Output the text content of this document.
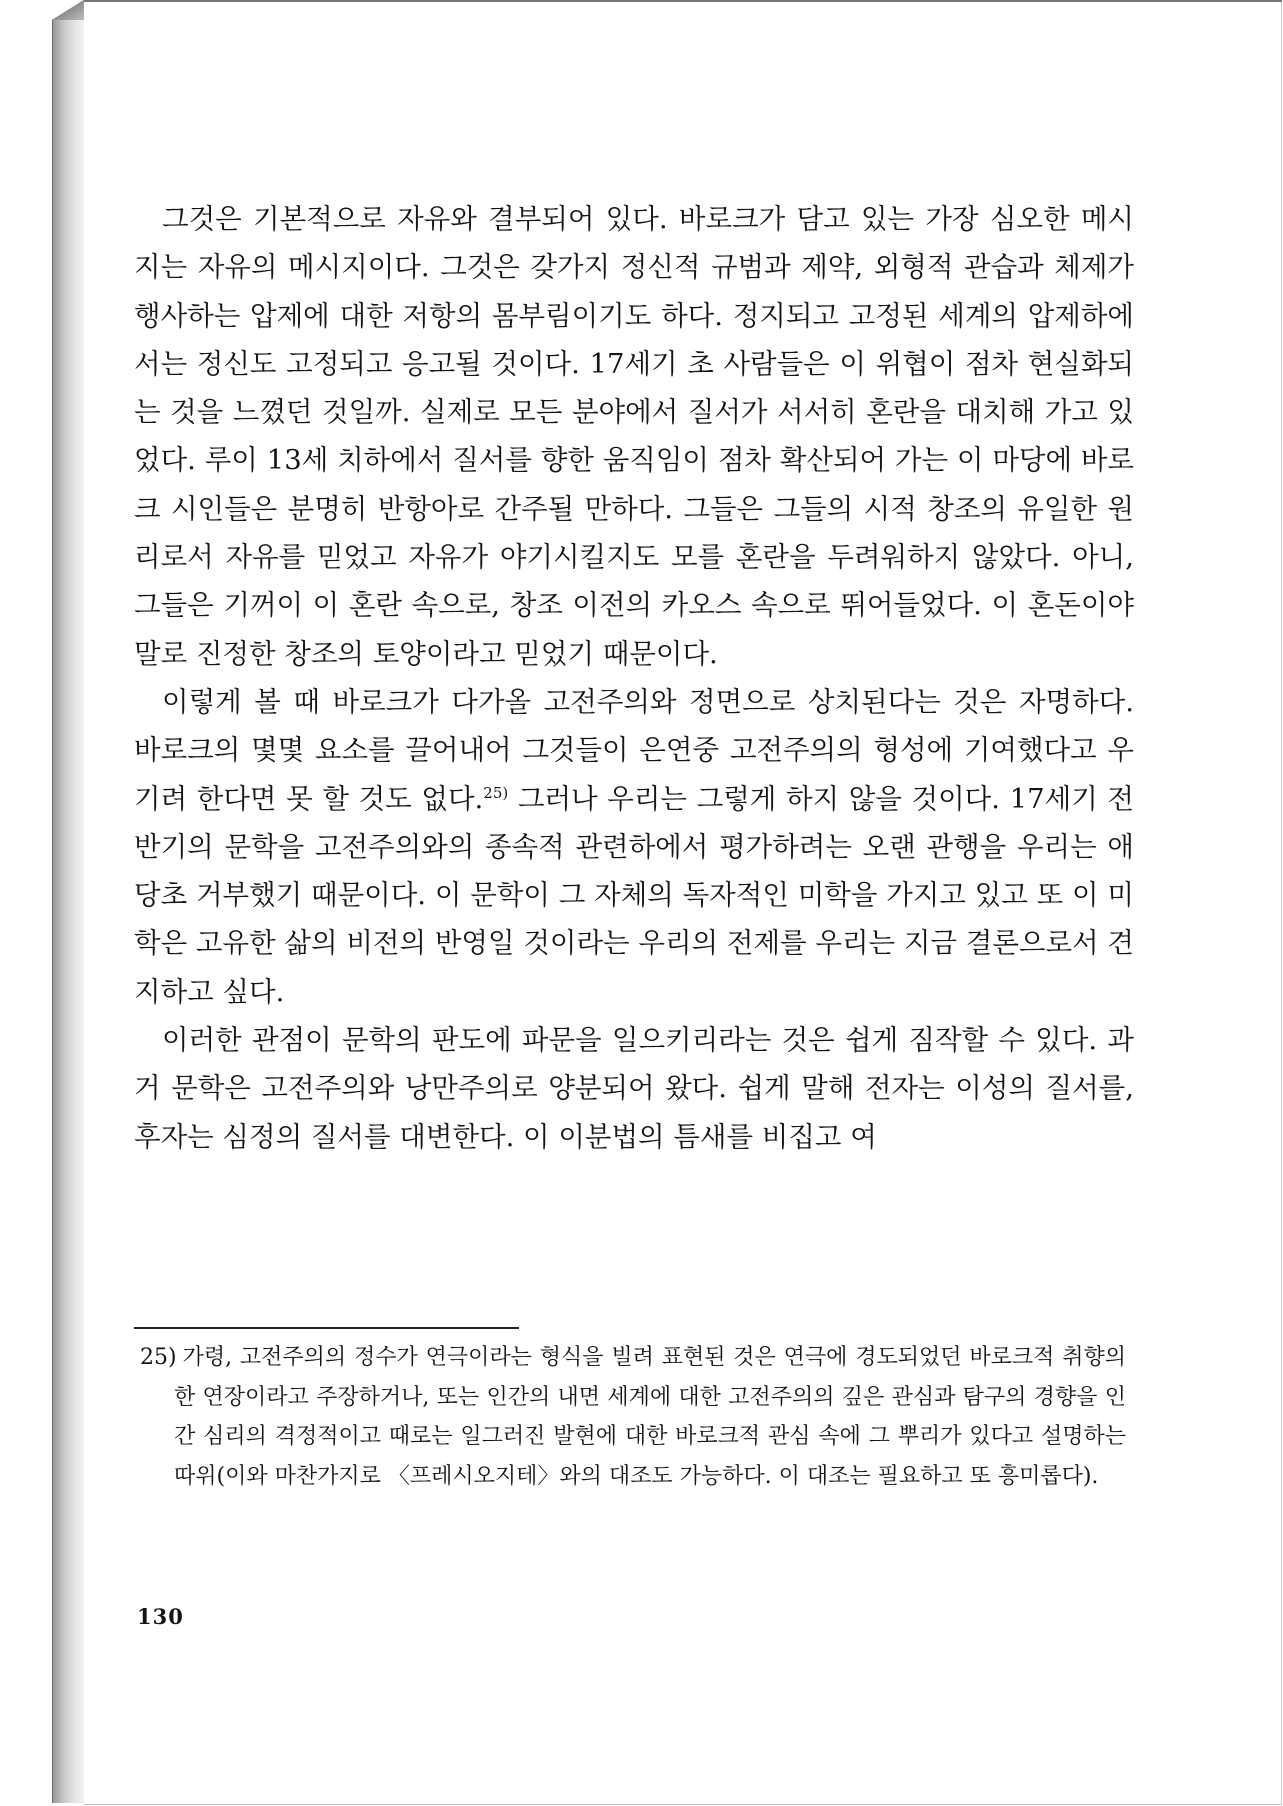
그것은 기본적으로 자유와 결부되어 있다. 바로크가 담고 있는 가장 심오한 메시지는 자유의 메시지이다. 그것은 갖가지 정신적 규범과 제약, 외형적 관습과 체제가 행사하는 압제에 대한 저항의 몸부림이기도 하다. 정지되고 고정된 세계의 압제하에서는 정신도 고정되고 응고될 것이다. 17세기 초 사람들은 이 위협이 점차 현실화되는 것을 느꼈던 것일까. 실제로 모든 분야에서 질서가 서서히 혼란을 대치해 가고 있었다. 루이 13세 치하에서 질서를 향한 움직임이 점차 확산되어 가는 이 마당에 바로크 시인들은 분명히 반항아로 간주될 만하다. 그들은 그들의 시적 창조의 유일한 원리로서 자유를 믿었고 자유가 야기시킬지도 모를 혼란을 두려워하지 않았다. 아니, 그들은 기꺼이 이 혼란 속으로, 창조 이전의 카오스 속으로 뛰어들었다. 이 혼돈이야말로 진정한 창조의 토양이라고 믿었기 때문이다.

이렇게 볼 때 바로크가 다가올 고전주의와 정면으로 상치된다는 것은 자명하다. 바로크의 몇몇 요소를 끌어내어 그것들이 은연중 고전주의의 형성에 기여했다고 우기려 한다면 못 할 것도 없다.$^{25)}$ 그러나 우리는 그렇게 하지 않을 것이다. 17세기 전반기의 문학을 고전주의와의 종속적 관련하에서 평가하려는 오랜 관행을 우리는 애당초 거부했기 때문이다. 이 문학이 그 자체의 독자적인 미학을 가지고 있고 또 이 미학은 고유한 삶의 비전의 반영일 것이라는 우리의 전제를 우리는 지금 결론으로서 견지하고 싶다.

이러한 관점이 문학의 판도에 파문을 일으키리라는 것은 쉽게 짐작할 수 있다. 과거 문학은 고전주의와 낭만주의로 양분되어 왔다. 쉽게 말해 전자는 이성의 질서를, 후자는 심정의 질서를 대변한다. 이 이분법의 틈새를 비집고 여

25) 가령, 고전주의의 정수가 연극이라는 형식을 빌려 표현된 것은 연극에 경도되었던 바로크적 취향의 한 연장이라고 주장하거나, 또는 인간의 내면 세계에 대한 고전주의의 깊은 관심과 탐구의 경향을 인간 심리의 격정적이고 때로는 일그러진 발현에 대한 바로크적 관심 속에 그 뿌리가 있다고 설명하는 따위(이와 마찬가지로 〈프레시오지테〉와의 대조도 가능하다. 이 대조는 필요하고 또 흥미롭다).
130
